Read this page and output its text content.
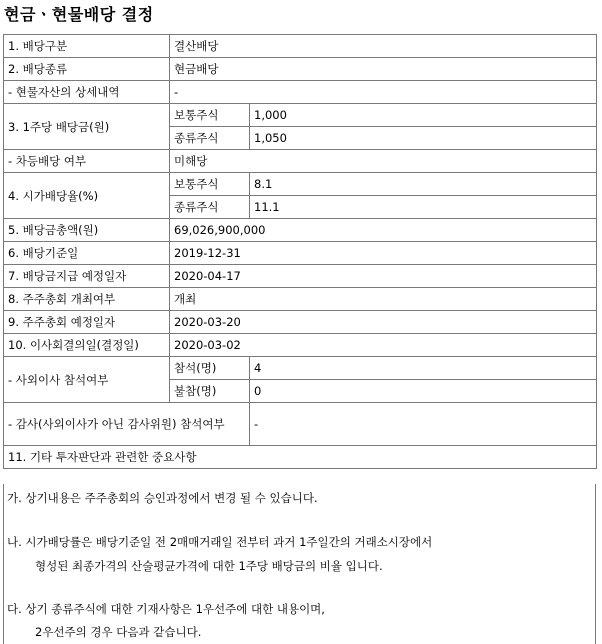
현금ㆍ현물배당 결정
1. 배당구분	결산배당	
2. 배당종류	현금배당	
- 현물자산의 상세내역	-	
3. 1주당 배당금(원)	보통주식	1,000
	종류주식	1,050
- 차등배당 여부	미해당	
4. 시가배당율(%)	보통주식	8.1
	종류주식	11.1
5. 배당금총액(원)	69,026,900,000	
6. 배당기준일	2019-12-31	
7. 배당금지급 예정일자	2020-04-17	
8. 주주총회 개최여부	개최	
9. 주주총회 예정일자	2020-03-20	
10. 이사회결의일(결정일)	2020-03-02	
- 사외이사 참석여부	참석(명)	4
	불참(명)	0
- 감사(사외이사가 아닌 감사위원) 참석여부		-
11. 기타 투자판단과 관련한 중요사항		
가. 상기내용은 주주총회의 승인과정에서 변경 될 수 있습니다.
나. 시가배당률은 배당기준일 전 2매매거래일 전부터 과거 1주일간의 거래소시장에서
형성된 최종가격의 산술평균가격에 대한 1주당 배당금의 비율 입니다.
다. 상기 종류주식에 대한 기재사항은 1우선주에 대한 내용이며,
2우선주의 경우 다음과 같습니다.
